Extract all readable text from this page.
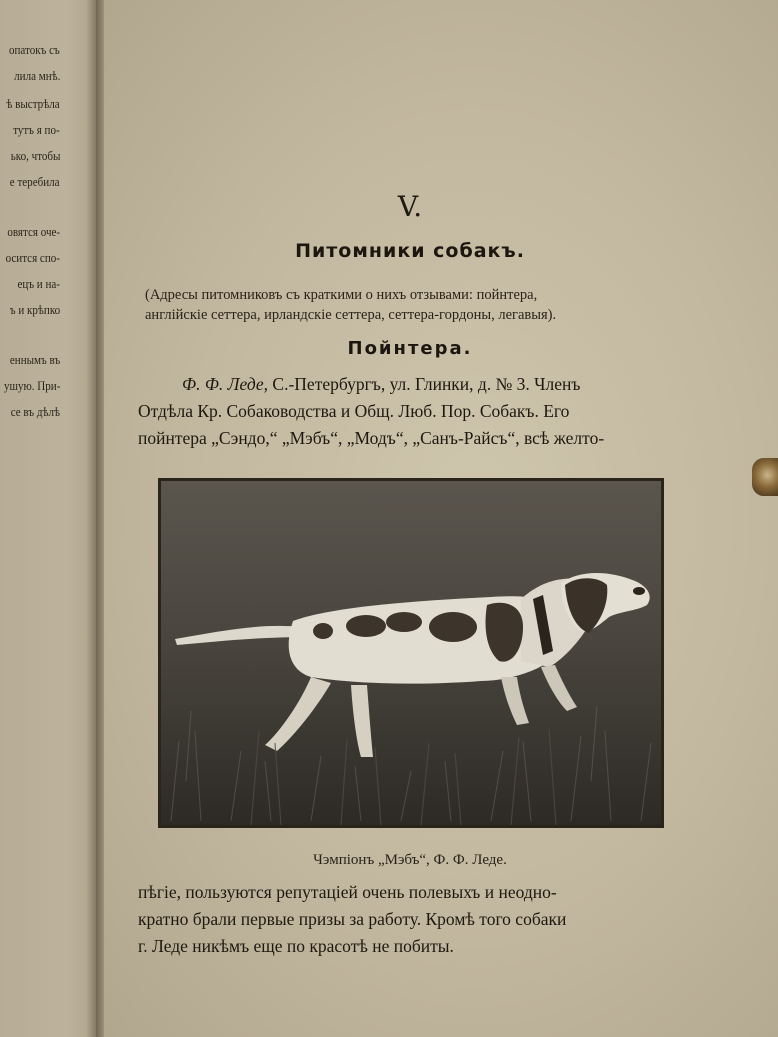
опатокъ съ
лила мнѣ.
ѣ выстрѣла
тутъ я по-
ько, чтобы
е теребила
овятся оче-
осится спо-
ецъ и на-
ъ и крѣпко
еннымъ въ
ушую. При-
се въ дѣлѣ
V.
Питомники собакъ.
(Адресы питомниковъ съ краткими о нихъ отзывами: пойнтера,
англійскіе сеттера, ирландскіе сеттера, сеттера-гордоны, легавыя).
Пойнтера.
Ф. Ф. Леде, С.-Петербургъ, ул. Глинки, д. № 3. Членъ
Отдѣла Кр. Собаководства и Общ. Люб. Пор. Собакъ. Его
пойнтера „Сэндо,“ „Мэбъ“, „Модъ“, „Санъ-Райсъ“, всѣ желто-
Чэмпіонъ „Мэбъ“, Ф. Ф. Леде.
пѣгіе, пользуются репутаціей очень полевыхъ и неодно-
кратно брали первые призы за работу. Кромѣ того собаки
г. Леде никѣмъ еще по красотѣ не побиты.
